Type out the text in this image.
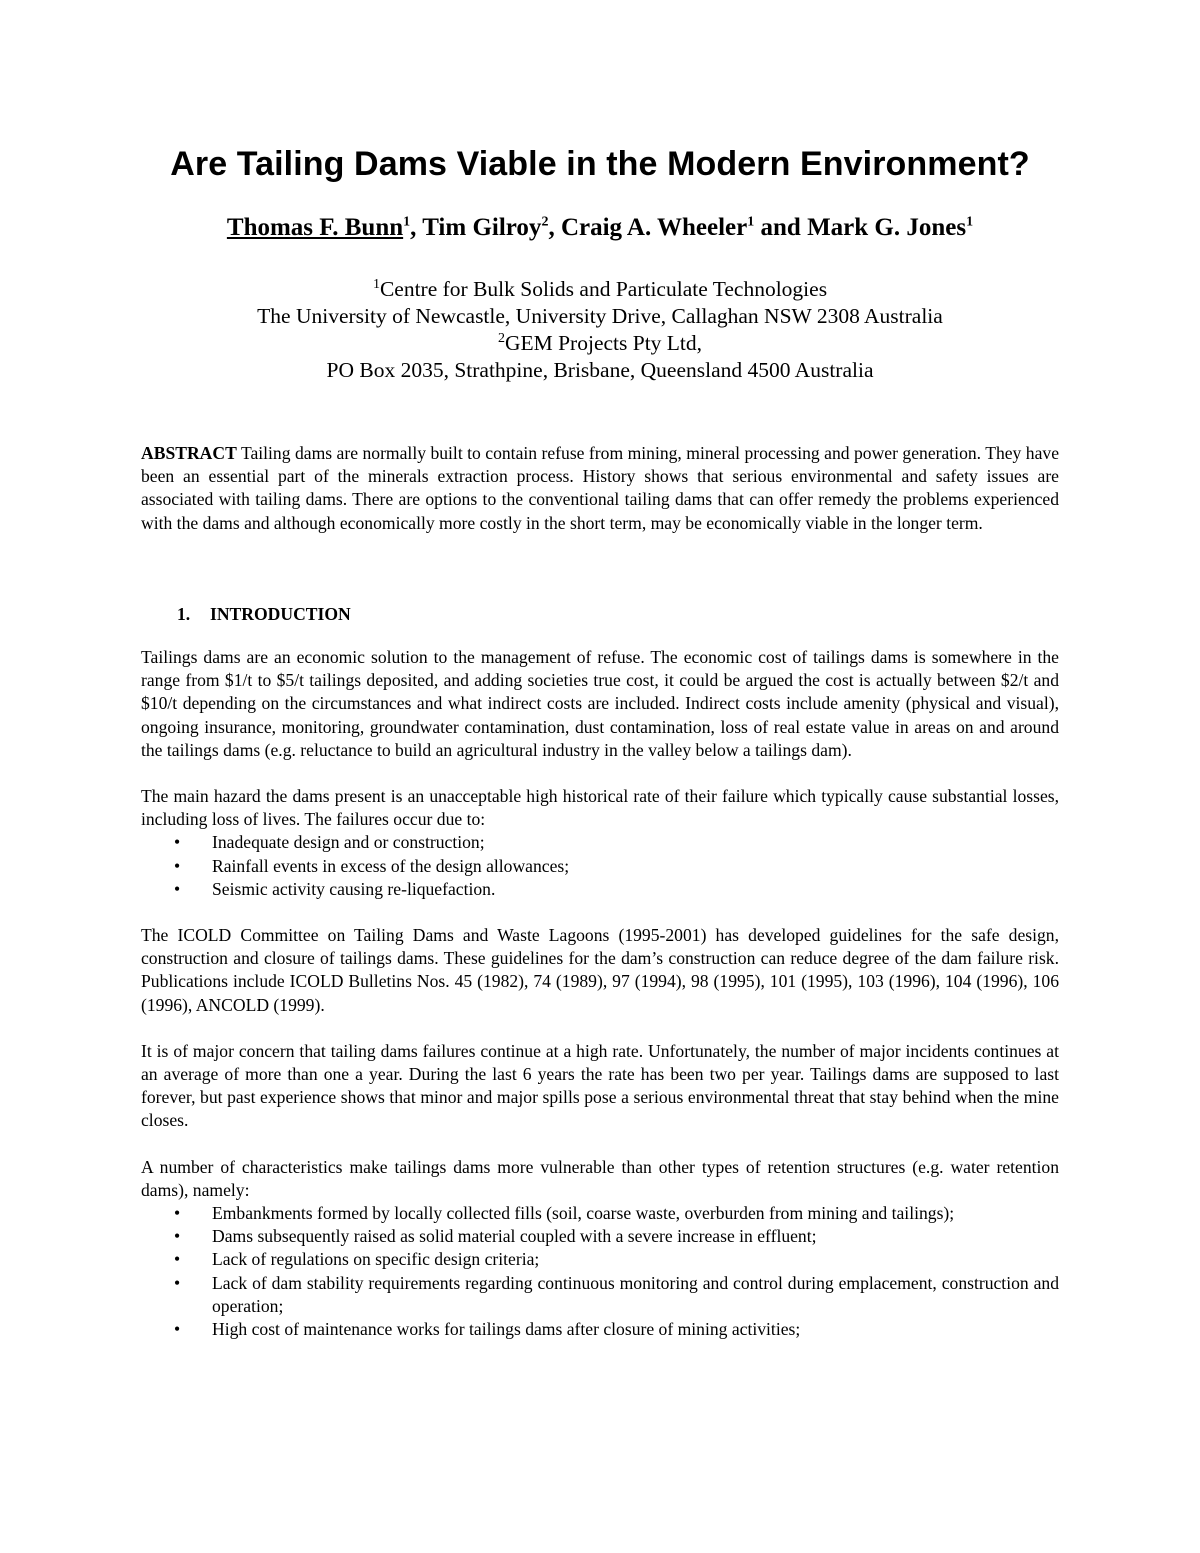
Are Tailing Dams Viable in the Modern Environment?
Thomas F. Bunn$^1$, Tim Gilroy$^2$, Craig A. Wheeler$^1$ and Mark G. Jones$^1$
$^1$Centre for Bulk Solids and Particulate Technologies
The University of Newcastle, University Drive, Callaghan NSW 2308 Australia
$^2$GEM Projects Pty Ltd,
PO Box 2035, Strathpine, Brisbane, Queensland 4500 Australia

ABSTRACT Tailing dams are normally built to contain refuse from mining, mineral processing and power generation. They have been an essential part of the minerals extraction process. History shows that serious environmental and safety issues are associated with tailing dams. There are options to the conventional tailing dams that can offer remedy the problems experienced with the dams and although economically more costly in the short term, may be economically viable in the longer term.

1. INTRODUCTION

Tailings dams are an economic solution to the management of refuse. The economic cost of tailings dams is somewhere in the range from $1/t to $5/t tailings deposited, and adding societies true cost, it could be argued the cost is actually between $2/t and $10/t depending on the circumstances and what indirect costs are included. Indirect costs include amenity (physical and visual), ongoing insurance, monitoring, groundwater contamination, dust contamination, loss of real estate value in areas on and around the tailings dams (e.g. reluctance to build an agricultural industry in the valley below a tailings dam).

The main hazard the dams present is an unacceptable high historical rate of their failure which typically cause substantial losses, including loss of lives. The failures occur due to:

• Inadequate design and or construction;
• Rainfall events in excess of the design allowances;
• Seismic activity causing re-liquefaction.

The ICOLD Committee on Tailing Dams and Waste Lagoons (1995-2001) has developed guidelines for the safe design, construction and closure of tailings dams. These guidelines for the dam’s construction can reduce degree of the dam failure risk. Publications include ICOLD Bulletins Nos. 45 (1982), 74 (1989), 97 (1994), 98 (1995), 101 (1995), 103 (1996), 104 (1996), 106 (1996), ANCOLD (1999).

It is of major concern that tailing dams failures continue at a high rate. Unfortunately, the number of major incidents continues at an average of more than one a year. During the last 6 years the rate has been two per year. Tailings dams are supposed to last forever, but past experience shows that minor and major spills pose a serious environmental threat that stay behind when the mine closes.

A number of characteristics make tailings dams more vulnerable than other types of retention structures (e.g. water retention dams), namely:

• Embankments formed by locally collected fills (soil, coarse waste, overburden from mining and tailings);
• Dams subsequently raised as solid material coupled with a severe increase in effluent;
• Lack of regulations on specific design criteria;
• Lack of dam stability requirements regarding continuous monitoring and control during emplacement, construction and operation;
• High cost of maintenance works for tailings dams after closure of mining activities;
